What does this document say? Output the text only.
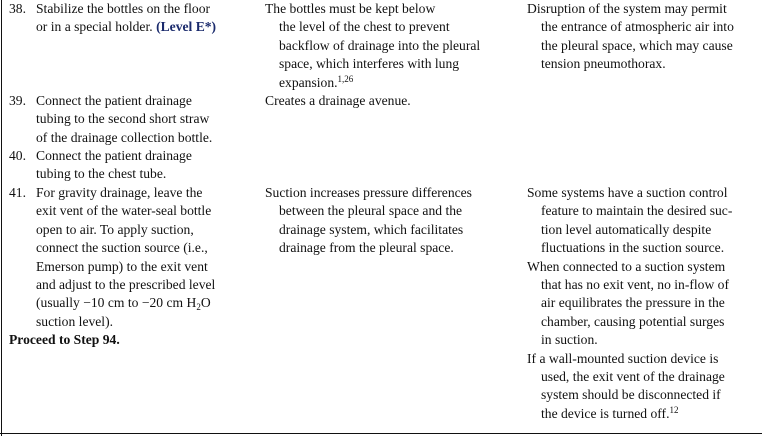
38. Stabilize the bottles on the floor
or in a special holder. (Level E*)
The bottles must be kept below
the level of the chest to prevent
backflow of drainage into the pleural
space, which interferes with lung
expansion.$^{1,26}$
Disruption of the system may permit
the entrance of atmospheric air into
the pleural space, which may cause
tension pneumothorax.
39. Connect the patient drainage
tubing to the second short straw
of the drainage collection bottle.
Creates a drainage avenue.
40. Connect the patient drainage
tubing to the chest tube.
41. For gravity drainage, leave the
exit vent of the water-seal bottle
open to air. To apply suction,
connect the suction source (i.e.,
Emerson pump) to the exit vent
and adjust to the prescribed level
(usually −10 cm to −20 cm $H_2O$
suction level).
Proceed to Step 94.
Suction increases pressure differences
between the pleural space and the
drainage system, which facilitates
drainage from the pleural space.
Some systems have a suction control
feature to maintain the desired suc-
tion level automatically despite
fluctuations in the suction source.
When connected to a suction system
that has no exit vent, no in-flow of
air equilibrates the pressure in the
chamber, causing potential surges
in suction.
If a wall-mounted suction device is
used, the exit vent of the drainage
system should be disconnected if
the device is turned off.$^{12}$
